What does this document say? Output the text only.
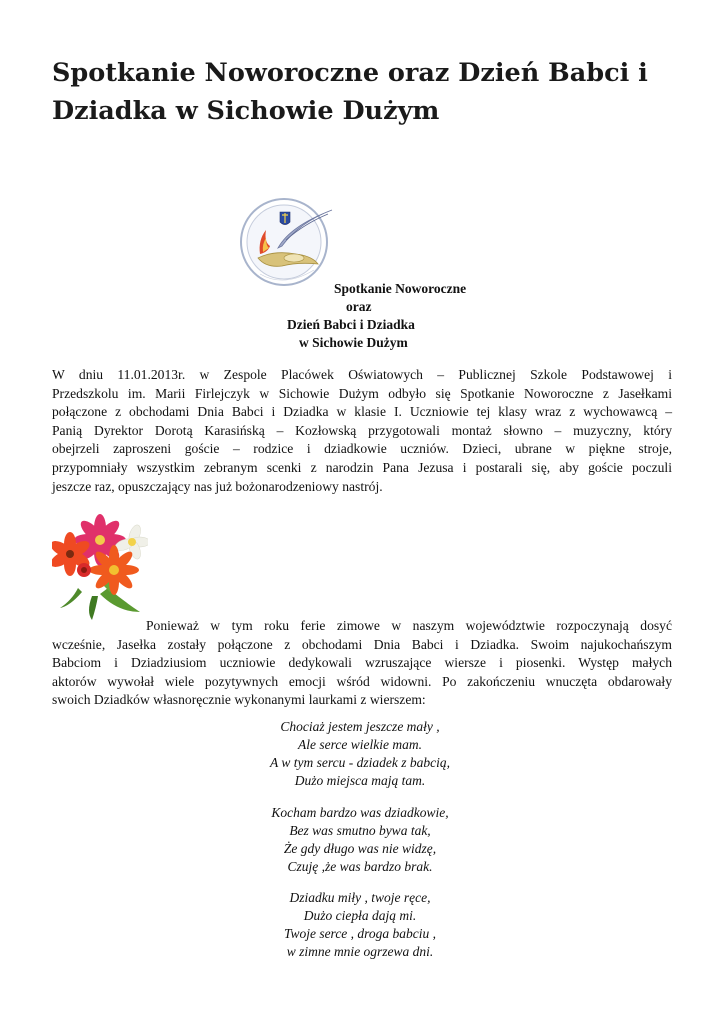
Spotkanie Noworoczne oraz Dzień Babci i Dziadka w Sichowie Dużym
Spotkanie Noworoczne
oraz
Dzień Babci i Dziadka
w Sichowie Dużym
W dniu 11.01.2013r. w Zespole Placówek Oświatowych – Publicznej Szkole Podstawowej i
Przedszkolu im. Marii Firlejczyk w Sichowie Dużym odbyło się Spotkanie Noworoczne z Jasełkami
połączone z obchodami Dnia Babci i Dziadka w klasie I. Uczniowie tej klasy wraz z wychowawcą –
Panią Dyrektor Dorotą Karasińską – Kozłowską przygotowali montaż słowno – muzyczny, który
obejrzeli zaproszeni goście – rodzice i dziadkowie uczniów. Dzieci, ubrane w piękne stroje,
przypomniały wszystkim zebranym scenki z narodzin Pana Jezusa i postarali się, aby goście poczuli
jeszcze raz, opuszczający nas już bożonarodzeniowy nastrój.
Ponieważ w tym roku ferie zimowe w naszym województwie rozpoczynają dosyć
wcześnie, Jasełka zostały połączone z obchodami Dnia Babci i Dziadka. Swoim najukochańszym
Babciom i Dziadziusiom uczniowie dedykowali wzruszające wiersze i piosenki. Występ małych
aktorów wywołał wiele pozytywnych emocji wśród widowni. Po zakończeniu wnuczęta obdarowały
swoich Dziadków własnoręcznie wykonanymi laurkami z wierszem:
Chociaż jestem jeszcze mały ,
Ale serce wielkie mam.
A w tym sercu - dziadek z babcią,
Dużo miejsca mają tam.
Kocham bardzo was dziadkowie,
Bez was smutno bywa tak,
Że gdy długo was nie widzę,
Czuję ,że was bardzo brak.
Dziadku miły , twoje ręce,
Dużo ciepła dają mi.
Twoje serce , droga babciu ,
w zimne mnie ogrzewa dni.
